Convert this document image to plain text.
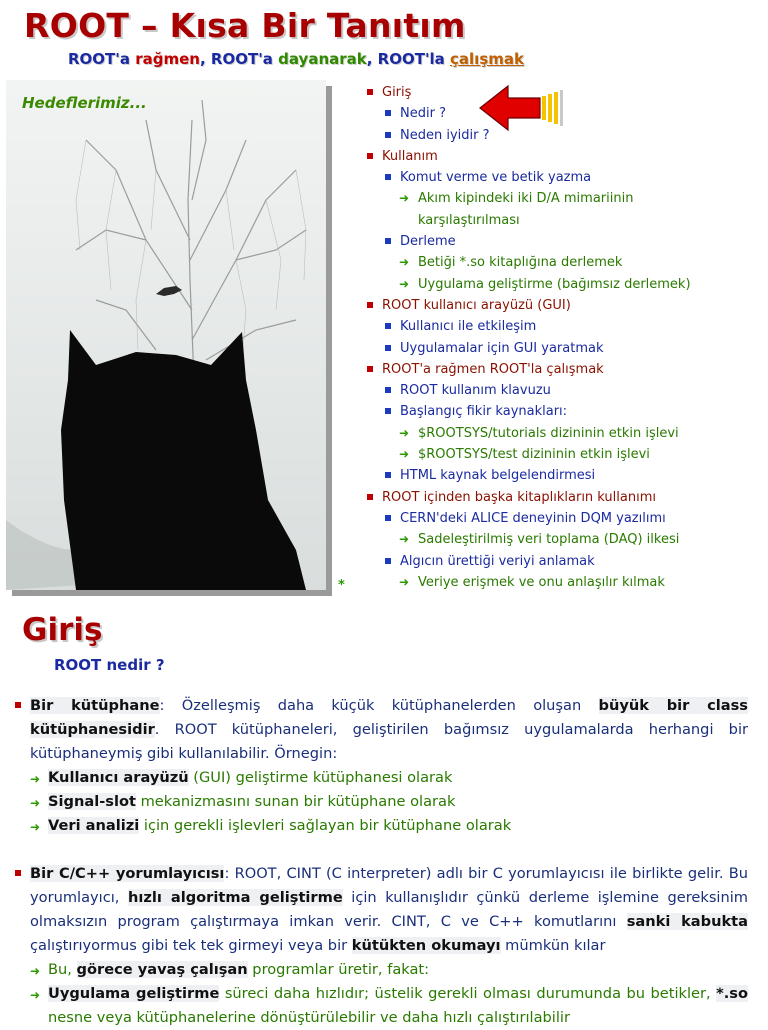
ROOT – Kısa Bir Tanıtım
ROOT'a rağmen, ROOT'a dayanarak, ROOT'la çalışmak
Hedeflerimiz...
*
Giriş
Nedir ?
Neden iyidir ?
Kullanım
Komut verme ve betik yazma
➜ Akım kipindeki iki D/A mimariinin karşılaştırılması
Derleme
➜ Betiği *.so kitaplığına derlemek
➜ Uygulama geliştirme (bağımsız derlemek)
ROOT kullanıcı arayüzü (GUI)
Kullanıcı ile etkileşim
Uygulamalar için GUI yaratmak
ROOT'a rağmen ROOT'la çalışmak
ROOT kullanım klavuzu
Başlangıç fikir kaynakları:
➜ $ROOTSYS/tutorials dizininin etkin işlevi
➜ $ROOTSYS/test dizininin etkin işlevi
HTML kaynak belgelendirmesi
ROOT içinden başka kitaplıkların kullanımı
CERN'deki ALICE deneyinin DQM yazılımı
➜ Sadeleştirilmiş veri toplama (DAQ) ilkesi
Algıcın ürettiği veriyi anlamak
➜ Veriye erişmek ve onu anlaşılır kılmak
Giriş
ROOT nedir ?
Bir kütüphane: Özelleşmiş daha küçük kütüphanelerden oluşan büyük bir class kütüphanesidir. ROOT kütüphaneleri, geliştirilen bağımsız uygulamalarda herhangi bir kütüphaneymiş gibi kullanılabilir. Örnegin:
➜ Kullanıcı arayüzü (GUI) geliştirme kütüphanesi olarak
➜ Signal-slot mekanizmasını sunan bir kütüphane olarak
➜ Veri analizi için gerekli işlevleri sağlayan bir kütüphane olarak
Bir C/C++ yorumlayıcısı: ROOT, CINT (C interpreter) adlı bir C yorumlayıcısı ile birlikte gelir. Bu yorumlayıcı, hızlı algoritma geliştirme için kullanışlıdır çünkü derleme işlemine gereksinim olmaksızın program çalıştırmaya imkan verir. CINT, C ve C++ komutlarını sanki kabukta çalıştırıyormus gibi tek tek girmeyi veya bir kütükten okumayı mümkün kılar
➜ Bu, görece yavaş çalışan programlar üretir, fakat:
➜ Uygulama geliştirme süreci daha hızlıdır; üstelik gerekli olması durumunda bu betikler, *.so nesne veya kütüphanelerine dönüştürülebilir ve daha hızlı çalıştırılabilir
